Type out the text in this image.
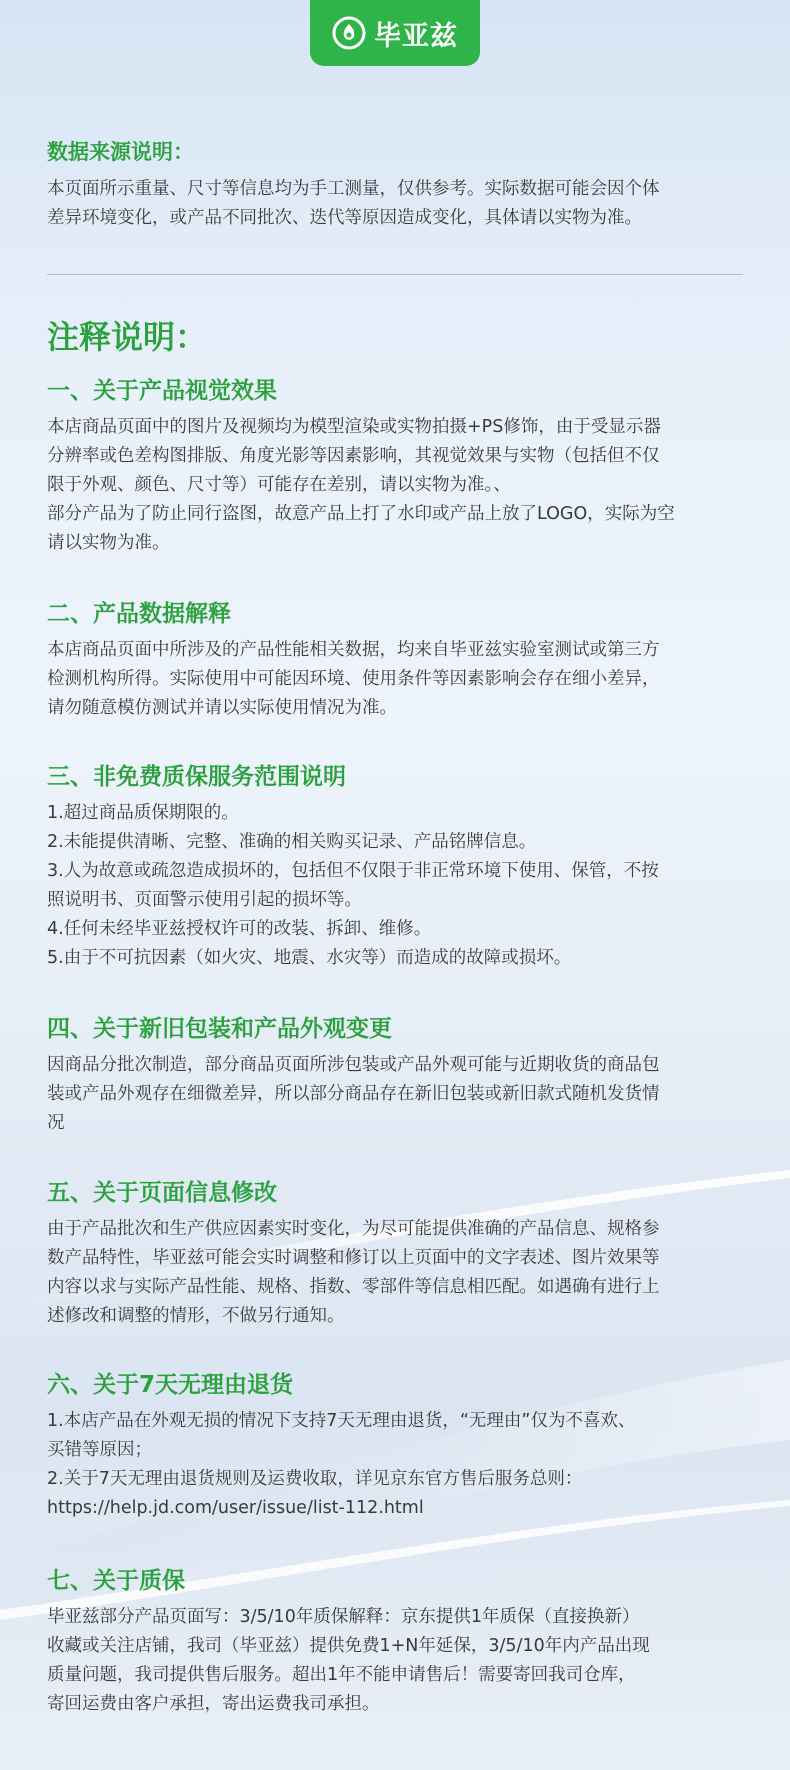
毕亚兹
数据来源说明：

本页面所示重量、尺寸等信息均为手工测量，仅供参考。实际数据可能会因个体
差异环境变化，或产品不同批次、迭代等原因造成变化，具体请以实物为准。

注释说明：
一、关于产品视觉效果

本店商品页面中的图片及视频均为模型渲染或实物拍摄+PS修饰，由于受显示器
分辨率或色差构图排版、角度光影等因素影响，其视觉效果与实物（包括但不仅
限于外观、颜色、尺寸等）可能存在差别，请以实物为准。、
部分产品为了防止同行盗图，故意产品上打了水印或产品上放了LOGO，实际为空
请以实物为准。

二、产品数据解释

本店商品页面中所涉及的产品性能相关数据，均来自毕亚兹实验室测试或第三方
检测机构所得。实际使用中可能因环境、使用条件等因素影响会存在细小差异，
请勿随意模仿测试并请以实际使用情况为准。

三、非免费质保服务范围说明

1.超过商品质保期限的。
2.未能提供清晰、完整、准确的相关购买记录、产品铭牌信息。
3.人为故意或疏忽造成损坏的，包括但不仅限于非正常环境下使用、保管，不按
照说明书、页面警示使用引起的损坏等。
4.任何未经毕亚兹授权许可的改装、拆卸、维修。
5.由于不可抗因素（如火灾、地震、水灾等）而造成的故障或损坏。

四、关于新旧包装和产品外观变更

因商品分批次制造，部分商品页面所涉包装或产品外观可能与近期收货的商品包
装或产品外观存在细微差异，所以部分商品存在新旧包装或新旧款式随机发货情
况

五、关于页面信息修改

由于产品批次和生产供应因素实时变化，为尽可能提供准确的产品信息、规格参
数产品特性，毕亚兹可能会实时调整和修订以上页面中的文字表述、图片效果等
内容以求与实际产品性能、规格、指数、零部件等信息相匹配。如遇确有进行上
述修改和调整的情形，不做另行通知。

六、关于7天无理由退货

1.本店产品在外观无损的情况下支持7天无理由退货，“无理由”仅为不喜欢、
买错等原因；
2.关于7天无理由退货规则及运费收取，详见京东官方售后服务总则：
https://help.jd.com/user/issue/list-112.html

七、关于质保

毕亚兹部分产品页面写：3/5/10年质保解释：京东提供1年质保（直接换新）
收藏或关注店铺，我司（毕亚兹）提供免费1+N年延保，3/5/10年内产品出现
质量问题，我司提供售后服务。超出1年不能申请售后！需要寄回我司仓库，
寄回运费由客户承担，寄出运费我司承担。
